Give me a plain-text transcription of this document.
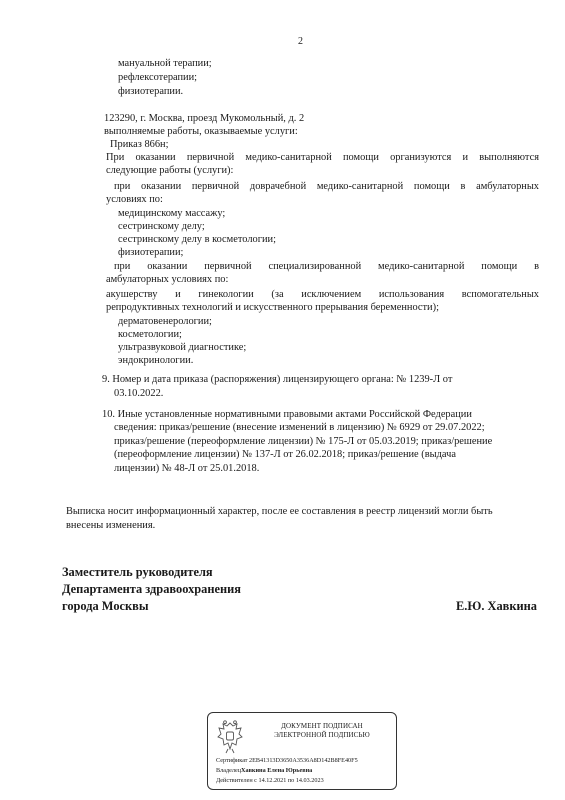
2
мануальной терапии;
рефлексотерапии;
физиотерапии.
123290, г. Москва, проезд Мукомольный, д. 2
выполняемые работы, оказываемые услуги:
Приказ 866н;
При оказании первичной медико-санитарной помощи организуются и выполняются
следующие работы (услуги):
при оказании первичной доврачебной медико-санитарной помощи в амбулаторных
условиях по:
медицинскому массажу;
сестринскому делу;
сестринскому делу в косметологии;
физиотерапии;
при оказании первичной специализированной медико-санитарной помощи в
амбулаторных условиях по:
акушерству и гинекологии (за исключением использования вспомогательных
репродуктивных технологий и искусственного прерывания беременности);
дерматовенерологии;
косметологии;
ультразвуковой диагностике;
эндокринологии.
9. Номер и дата приказа (распоряжения) лицензирующего органа: № 1239-Л от
03.10.2022.
10. Иные установленные нормативными правовыми актами Российской Федерации
сведения: приказ/решение (внесение изменений в лицензию) № 6929 от 29.07.2022;
приказ/решение (переоформление лицензии) № 175-Л от 05.03.2019; приказ/решение
(переоформление лицензии) № 137-Л от 26.02.2018; приказ/решение (выдача
лицензии) № 48-Л от 25.01.2018.
Выписка носит информационный характер, после ее составления в реестр лицензий могли быть
внесены изменения.
Заместитель руководителя
Департамента здравоохранения
города Москвы	Е.Ю. Хавкина
ДОКУМЕНТ ПОДПИСАН
ЭЛЕКТРОННОЙ ПОДПИСЬЮ
Сертификат 2EB41313D3650A3536A8D142B8FE40F5
ВладелецХавкина Елена Юрьевна
Действителен с 14.12.2021 по 14.03.2023
